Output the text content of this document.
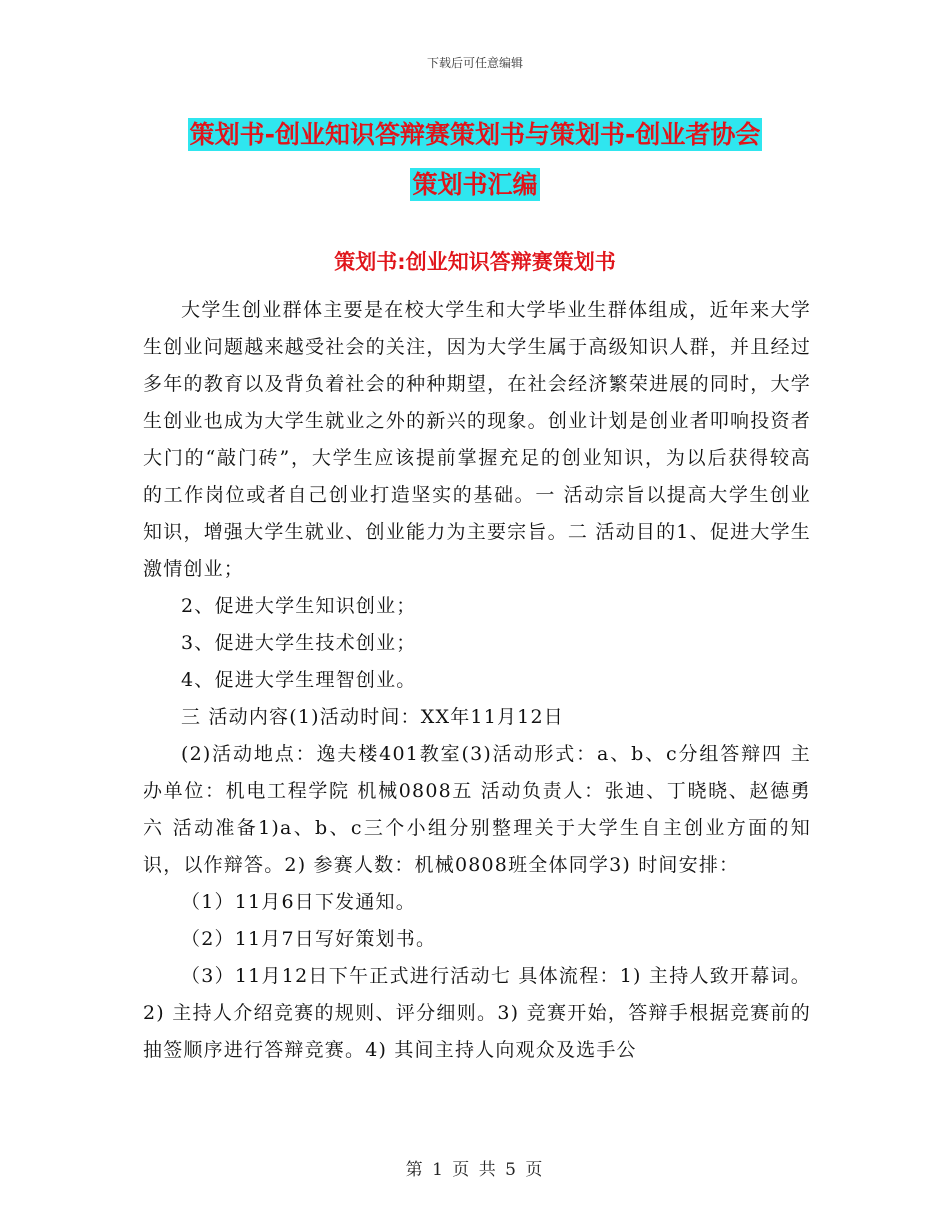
下载后可任意编辑
策划书-创业知识答辩赛策划书与策划书-创业者协会
策划书汇编
策划书:创业知识答辩赛策划书

大学生创业群体主要是在校大学生和大学毕业生群体组成，近年来大学生创业问题越来越受社会的关注，因为大学生属于高级知识人群，并且经过多年的教育以及背负着社会的种种期望，在社会经济繁荣进展的同时，大学生创业也成为大学生就业之外的新兴的现象。创业计划是创业者叩响投资者大门的“敲门砖”，大学生应该提前掌握充足的创业知识，为以后获得较高的工作岗位或者自己创业打造坚实的基础。一 活动宗旨以提高大学生创业知识，增强大学生就业、创业能力为主要宗旨。二 活动目的1、促进大学生激情创业；

2、促进大学生知识创业；

3、促进大学生技术创业；

4、促进大学生理智创业。

三 活动内容(1)活动时间：XX年11月12日

(2)活动地点：逸夫楼401教室(3)活动形式：a、b、c分组答辩四 主办单位：机电工程学院 机械0808五 活动负责人：张迪、丁晓晓、赵德勇六 活动准备1)a、b、c三个小组分别整理关于大学生自主创业方面的知识，以作辩答。2) 参赛人数：机械0808班全体同学3) 时间安排：

（1）11月6日下发通知。

（2）11月7日写好策划书。

（3）11月12日下午正式进行活动七 具体流程：1) 主持人致开幕词。2) 主持人介绍竞赛的规则、评分细则。3) 竞赛开始，答辩手根据竞赛前的抽签顺序进行答辩竞赛。4) 其间主持人向观众及选手公

第 1 页 共 5 页
